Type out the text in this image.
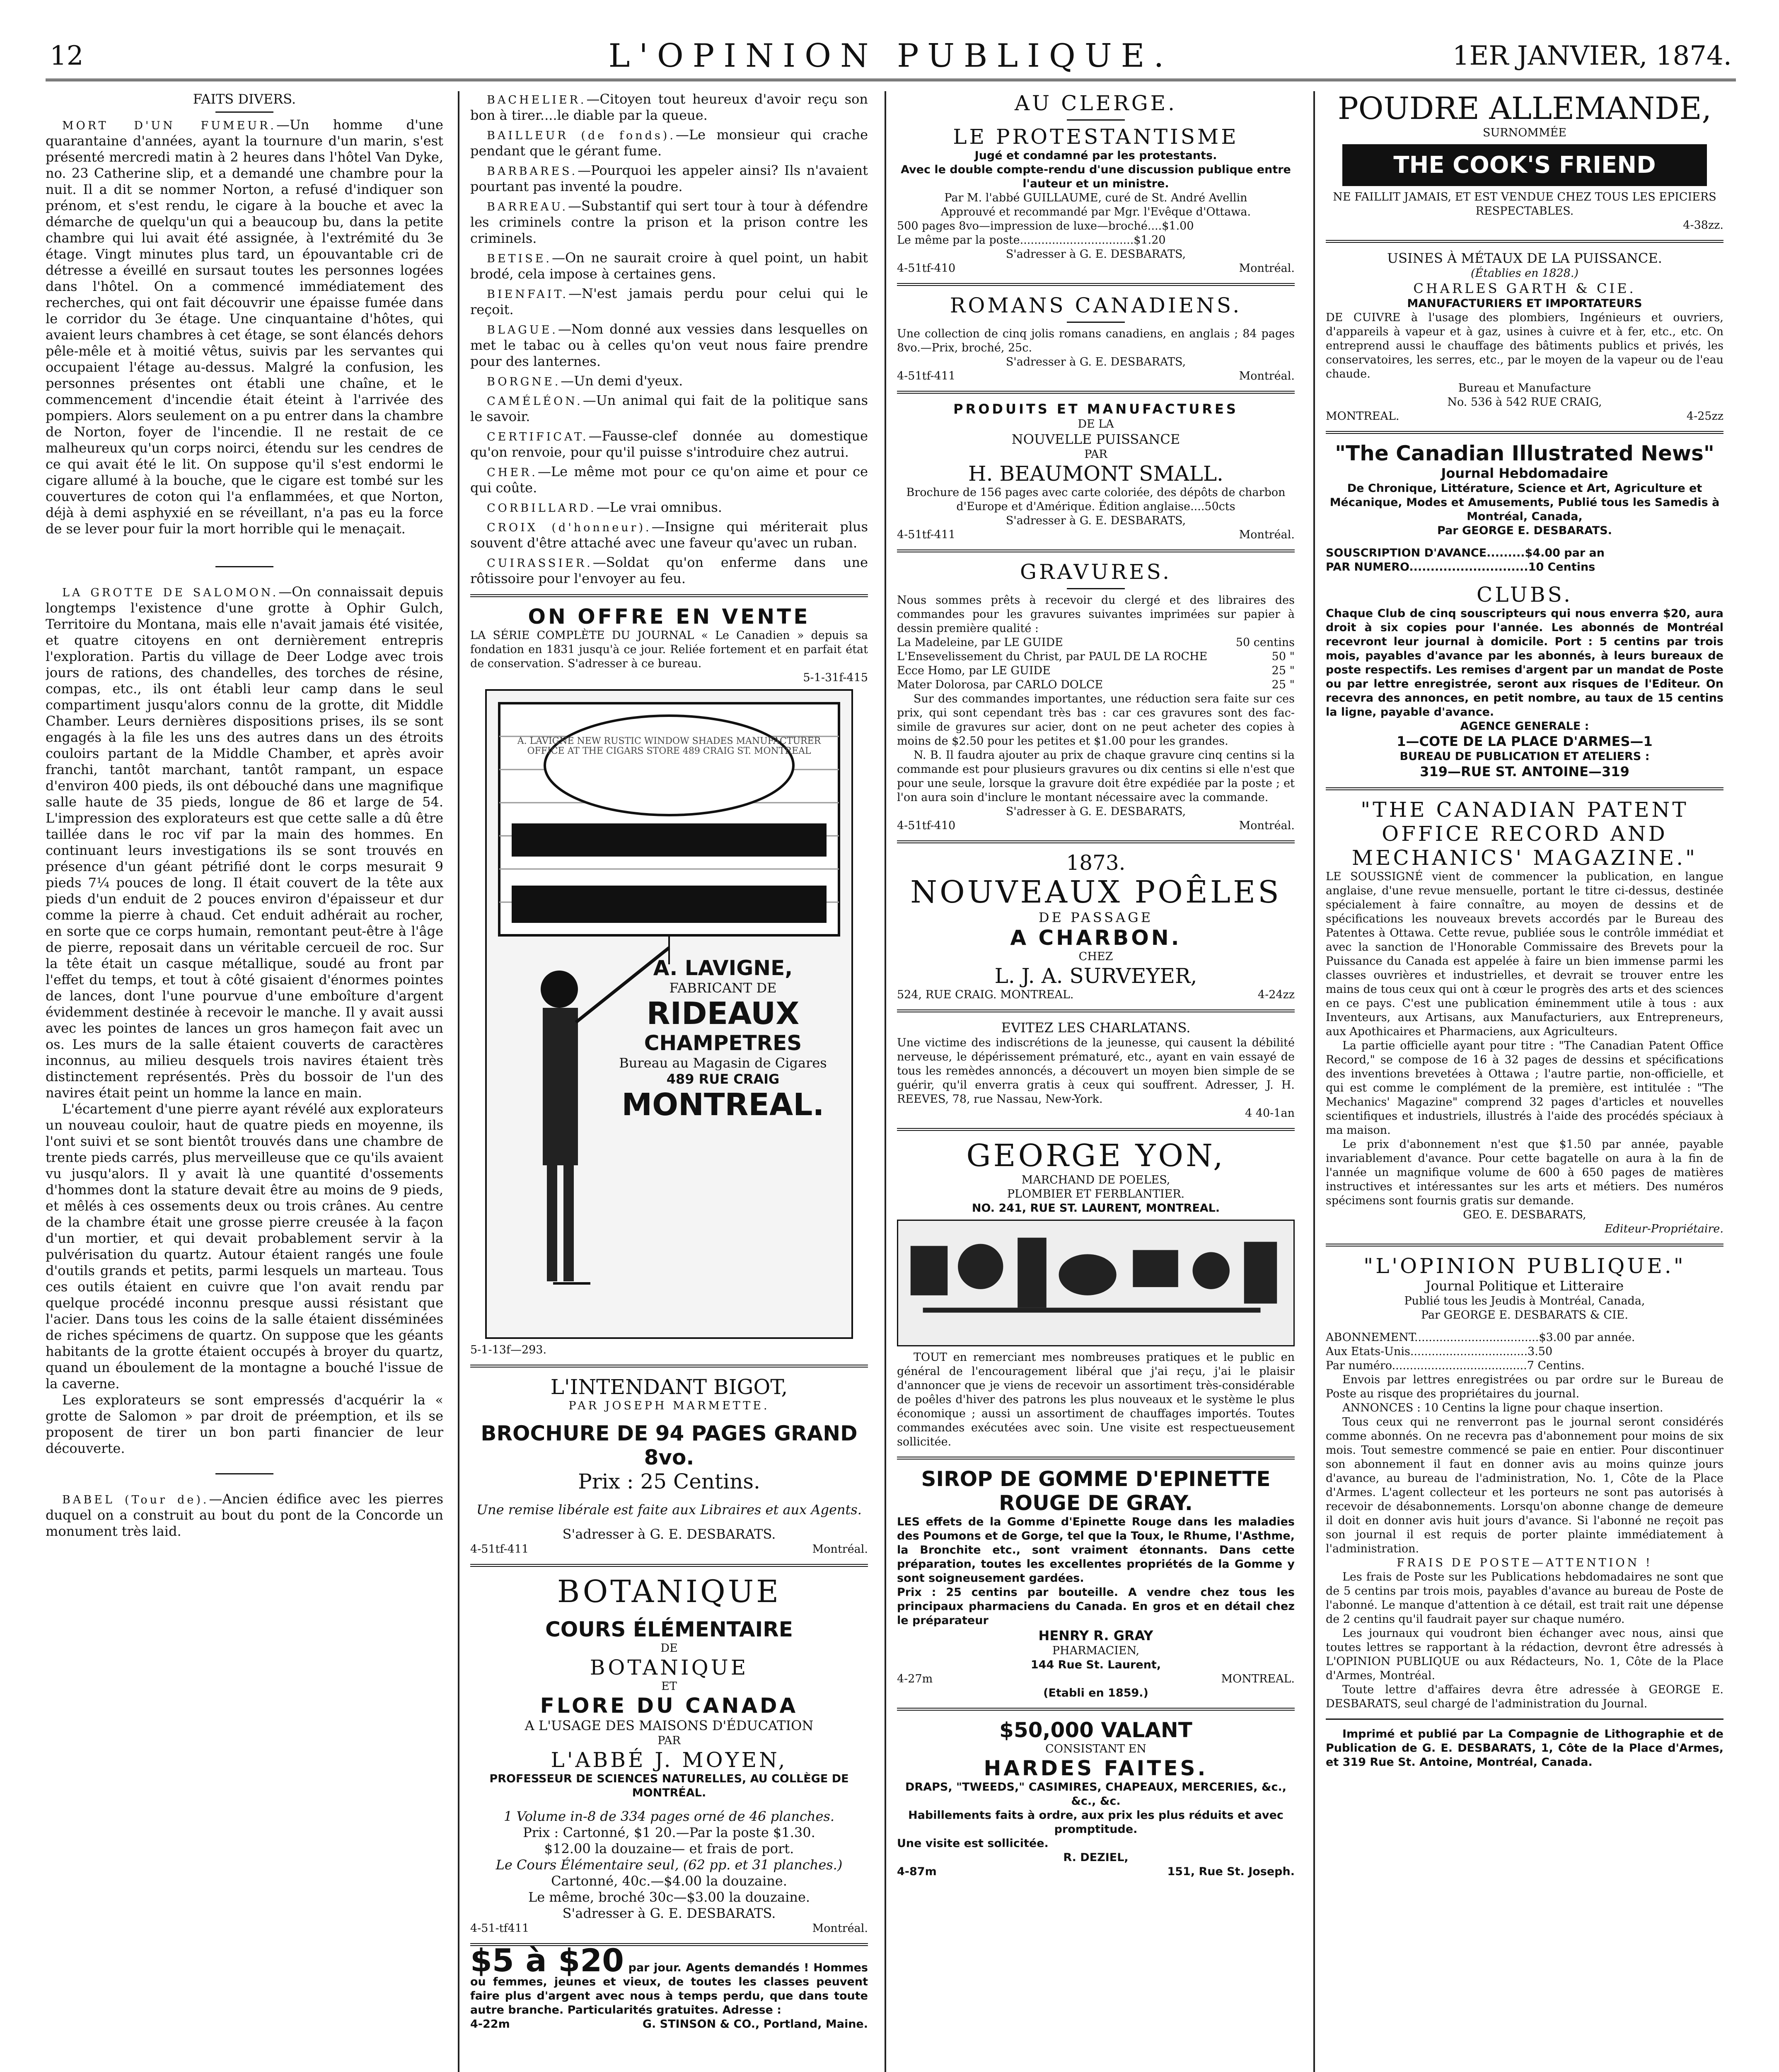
12	L'OPINION PUBLIQUE.	1ER JANVIER, 1874.
FAITS DIVERS.

MORT D'UN FUMEUR.—Un homme d'une quarantaine d'années, ayant la tournure d'un marin, s'est présenté mercredi matin à 2 heures dans l'hôtel Van Dyke, no. 23 Catherine slip, et a demandé une chambre pour la nuit. Il a dit se nommer Norton, a refusé d'indiquer son prénom, et s'est rendu, le cigare à la bouche et avec la démarche de quelqu'un qui a beaucoup bu, dans la petite chambre qui lui avait été assignée, à l'extrémité du 3e étage. Vingt minutes plus tard, un épouvantable cri de détresse a éveillé en sursaut toutes les personnes logées dans l'hôtel. On a commencé immédiatement des recherches, qui ont fait découvrir une épaisse fumée dans le corridor du 3e étage. Une cinquantaine d'hôtes, qui avaient leurs chambres à cet étage, se sont élancés dehors pêle-mêle et à moitié vêtus, suivis par les servantes qui occupaient l'étage au-dessus. Malgré la confusion, les personnes présentes ont établi une chaîne, et le commencement d'incendie était éteint à l'arrivée des pompiers. Alors seulement on a pu entrer dans la chambre de Norton, foyer de l'incendie. Il ne restait de ce malheureux qu'un corps noirci, étendu sur les cendres de ce qui avait été le lit. On suppose qu'il s'est endormi le cigare allumé à la bouche, que le cigare est tombé sur les couvertures de coton qui l'a enflammées, et que Norton, déjà à demi asphyxié en se réveillant, n'a pas eu la force de se lever pour fuir la mort horrible qui le menaçait.

LA GROTTE DE SALOMON.—On connaissait depuis longtemps l'existence d'une grotte à Ophir Gulch, Territoire du Montana, mais elle n'avait jamais été visitée, et quatre citoyens en ont dernièrement entrepris l'exploration. Partis du village de Deer Lodge avec trois jours de rations, des chandelles, des torches de résine, compas, etc., ils ont établi leur camp dans le seul compartiment jusqu'alors connu de la grotte, dit Middle Chamber. Leurs dernières dispositions prises, ils se sont engagés à la file les uns des autres dans un des étroits couloirs partant de la Middle Chamber, et après avoir franchi, tantôt marchant, tantôt rampant, un espace d'environ 400 pieds, ils ont débouché dans une magnifique salle haute de 35 pieds, longue de 86 et large de 54. L'impression des explorateurs est que cette salle a dû être taillée dans le roc vif par la main des hommes. En continuant leurs investigations ils se sont trouvés en présence d'un géant pétrifié dont le corps mesurait 9 pieds 7¼ pouces de long. Il était couvert de la tête aux pieds d'un enduit de 2 pouces environ d'épaisseur et dur comme la pierre à chaud. Cet enduit adhérait au rocher, en sorte que ce corps humain, remontant peut-être à l'âge de pierre, reposait dans un véritable cercueil de roc. Sur la tête était un casque métallique, soudé au front par l'effet du temps, et tout à côté gisaient d'énormes pointes de lances, dont l'une pourvue d'une emboîture d'argent évidemment destinée à recevoir le manche. Il y avait aussi avec les pointes de lances un gros hameçon fait avec un os. Les murs de la salle étaient couverts de caractères inconnus, au milieu desquels trois navires étaient très distinctement représentés. Près du bossoir de l'un des navires était peint un homme la lance en main.

L'écartement d'une pierre ayant révélé aux explorateurs un nouveau couloir, haut de quatre pieds en moyenne, ils l'ont suivi et se sont bientôt trouvés dans une chambre de trente pieds carrés, plus merveilleuse que ce qu'ils avaient vu jusqu'alors. Il y avait là une quantité d'ossements d'hommes dont la stature devait être au moins de 9 pieds, et mêlés à ces ossements deux ou trois crânes. Au centre de la chambre était une grosse pierre creusée à la façon d'un mortier, et qui devait probablement servir à la pulvérisation du quartz. Autour étaient rangés une foule d'outils grands et petits, parmi lesquels un marteau. Tous ces outils étaient en cuivre que l'on avait rendu par quelque procédé inconnu presque aussi résistant que l'acier. Dans tous les coins de la salle étaient disséminées de riches spécimens de quartz. On suppose que les géants habitants de la grotte étaient occupés à broyer du quartz, quand un éboulement de la montagne a bouché l'issue de la caverne.

Les explorateurs se sont empressés d'acquérir la « grotte de Salomon » par droit de préemption, et ils se proposent de tirer un bon parti financier de leur découverte.

BABEL (Tour de).—Ancien édifice avec les pierres duquel on a construit au bout du pont de la Concorde un monument très laid.

BACHELIER.—Citoyen tout heureux d'avoir reçu son bon à tirer....le diable par la queue.

BAILLEUR (de fonds).—Le monsieur qui crache pendant que le gérant fume.

BARBARES.—Pourquoi les appeler ainsi? Ils n'avaient pourtant pas inventé la poudre.

BARREAU.—Substantif qui sert tour à tour à défendre les criminels contre la prison et la prison contre les criminels.

BETISE.—On ne saurait croire à quel point, un habit brodé, cela impose à certaines gens.

BIENFAIT.—N'est jamais perdu pour celui qui le reçoit.

BLAGUE.—Nom donné aux vessies dans lesquelles on met le tabac ou à celles qu'on veut nous faire prendre pour des lanternes.

BORGNE.—Un demi d'yeux.

CAMÉLÉON.—Un animal qui fait de la politique sans le savoir.

CERTIFICAT.—Fausse-clef donnée au domestique qu'on renvoie, pour qu'il puisse s'introduire chez autrui.

CHER.—Le même mot pour ce qu'on aime et pour ce qui coûte.

CORBILLARD.—Le vrai omnibus.

CROIX (d'honneur).—Insigne qui mériterait plus souvent d'être attaché avec une faveur qu'avec un ruban.

CUIRASSIER.—Soldat qu'on enferme dans une rôtissoire pour l'envoyer au feu.

ON OFFRE EN VENTE

LA SÉRIE COMPLÈTE DU JOURNAL « Le Canadien » depuis sa fondation en 1831 jusqu'à ce jour. Reliée fortement et en parfait état de conservation. S'adresser à ce bureau.

5-1-31f-415
A. LAVIGNE,
FABRICANT DE
RIDEAUX
CHAMPETRES
Bureau au Magasin de Cigares
489 RUE CRAIG
MONTREAL.
A. LAVIGNE NEW RUSTIC WINDOW SHADES MANUFACTURER OFFICE AT THE CIGARS STORE 489 CRAIG ST. MONTREAL
5-1-13f—293.
L'INTENDANT BIGOT,
PAR JOSEPH MARMETTE.
BROCHURE DE 94 PAGES GRAND 8vo.
Prix : 25 Centins.
Une remise libérale est faite aux Libraires et aux Agents.
S'adresser à G. E. DESBARATS.
4-51tf-411	Montréal.
BOTANIQUE
COURS ÉLÉMENTAIRE
DE
BOTANIQUE
ET
FLORE DU CANADA
A L'USAGE DES MAISONS D'ÉDUCATION
PAR
L'ABBÉ J. MOYEN,
PROFESSEUR DE SCIENCES NATURELLES, AU COLLÈGE DE MONTRÉAL.
1 Volume in-8 de 334 pages orné de 46 planches.
Prix : Cartonné, $1 20.—Par la poste $1.30.
$12.00 la douzaine— et frais de port.
Le Cours Élémentaire seul, (62 pp. et 31 planches.)
Cartonné, 40c.—$4.00 la douzaine.
Le même, broché 30c—$3.00 la douzaine.
S'adresser à G. E. DESBARATS.
4-51-tf411	Montréal.

$5 à $20 par jour. Agents demandés ! Hommes ou femmes, jeunes et vieux, de toutes les classes peuvent faire plus d'argent avec nous à temps perdu, que dans toute autre branche. Particularités gratuites. Adresse :

4-22m	G. STINSON & CO., Portland, Maine.
AU CLERGE.
LE PROTESTANTISME
Jugé et condamné par les protestants.
Avec le double compte-rendu d'une discussion publique entre l'auteur et un ministre.
Par M. l'abbé GUILLAUME, curé de St. André Avellin
Approuvé et recommandé par Mgr. l'Evêque d'Ottawa.
500 pages 8vo—impression de luxe—broché....$1.00
Le même par la poste................................$1.20
S'adresser à G. E. DESBARATS,
4-51tf-410	Montréal.
ROMANS CANADIENS.

Une collection de cinq jolis romans canadiens, en anglais ; 84 pages 8vo.—Prix, broché, 25c.

S'adresser à G. E. DESBARATS,
4-51tf-411	Montréal.
PRODUITS ET MANUFACTURES
DE LA
NOUVELLE PUISSANCE
PAR
H. BEAUMONT SMALL.

Brochure de 156 pages avec carte coloriée, des dépôts de charbon d'Europe et d'Amérique. Édition anglaise....50cts

S'adresser à G. E. DESBARATS,
4-51tf-411	Montréal.
GRAVURES.

Nous sommes prêts à recevoir du clergé et des libraires des commandes pour les gravures suivantes imprimées sur papier à dessin première qualité :

La Madeleine, par LE GUIDE	50 centins
L'Ensevelissement du Christ, par PAUL DE LA ROCHE	50 "
Ecce Homo, par LE GUIDE	25 "
Mater Dolorosa, par CARLO DOLCE	25 "

Sur des commandes importantes, une réduction sera faite sur ces prix, qui sont cependant très bas : car ces gravures sont des fac-simile de gravures sur acier, dont on ne peut acheter des copies à moins de $2.50 pour les petites et $1.00 pour les grandes.

N. B. Il faudra ajouter au prix de chaque gravure cinq centins si la commande est pour plusieurs gravures ou dix centins si elle n'est que pour une seule, lorsque la gravure doit être expédiée par la poste ; et l'on aura soin d'inclure le montant nécessaire avec la commande.

S'adresser à G. E. DESBARATS,
4-51tf-410	Montréal.
1873.
NOUVEAUX POÊLES
DE PASSAGE
A CHARBON.
CHEZ
L. J. A. SURVEYER,
524, RUE CRAIG. MONTREAL.	4-24zz
EVITEZ LES CHARLATANS.

Une victime des indiscrétions de la jeunesse, qui causent la débilité nerveuse, le dépérissement prématuré, etc., ayant en vain essayé de tous les remèdes annoncés, a découvert un moyen bien simple de se guérir, qu'il enverra gratis à ceux qui souffrent. Adresser, J. H. REEVES, 78, rue Nassau, New-York.

4 40-1an
GEORGE YON,
MARCHAND DE POELES,
PLOMBIER ET FERBLANTIER.
NO. 241, RUE ST. LAURENT, MONTREAL.

TOUT en remerciant mes nombreuses pratiques et le public en général de l'encouragement libéral que j'ai reçu, j'ai le plaisir d'annoncer que je viens de recevoir un assortiment très-considérable de poêles d'hiver des patrons les plus nouveaux et le système le plus économique ; aussi un assortiment de chauffages importés. Toutes commandes exécutées avec soin. Une visite est respectueusement sollicitée.

SIROP DE GOMME D'EPINETTE ROUGE DE GRAY.

LES effets de la Gomme d'Epinette Rouge dans les maladies des Poumons et de Gorge, tel que la Toux, le Rhume, l'Asthme, la Bronchite etc., sont vraiment étonnants. Dans cette préparation, toutes les excellentes propriétés de la Gomme y sont soigneusement gardées.

Prix : 25 centins par bouteille. A vendre chez tous les principaux pharmaciens du Canada. En gros et en détail chez le préparateur

HENRY R. GRAY
PHARMACIEN,
144 Rue St. Laurent,
4-27m	MONTREAL.
(Etabli en 1859.)
$50,000 VALANT
CONSISTANT EN
HARDES FAITES.
DRAPS, "TWEEDS," CASIMIRES, CHAPEAUX, MERCERIES, &c., &c., &c.

Habillements faits à ordre, aux prix les plus réduits et avec promptitude.

Une visite est sollicitée.
R. DEZIEL,
4-87m	151, Rue St. Joseph.
POUDRE ALLEMANDE,
SURNOMMÉE
THE COOK'S FRIEND
NE FAILLIT JAMAIS, ET EST VENDUE CHEZ TOUS LES EPICIERS RESPECTABLES.
4-38zz.
USINES À MÉTAUX DE LA PUISSANCE.
(Établies en 1828.)
CHARLES GARTH & CIE.
MANUFACTURIERS ET IMPORTATEURS

DE CUIVRE à l'usage des plombiers, Ingénieurs et ouvriers, d'appareils à vapeur et à gaz, usines à cuivre et à fer, etc., etc. On entreprend aussi le chauffage des bâtiments publics et privés, les conservatoires, les serres, etc., par le moyen de la vapeur ou de l'eau chaude.

Bureau et Manufacture
No. 536 à 542 RUE CRAIG,
MONTREAL.	4-25zz
"The Canadian Illustrated News"
Journal Hebdomadaire
De Chronique, Littérature, Science et Art, Agriculture et Mécanique, Modes et Amusements, Publié tous les Samedis à Montréal, Canada,
Par GEORGE E. DESBARATS.
SOUSCRIPTION D'AVANCE.........$4.00 par an
PAR NUMERO............................10 Centins
CLUBS.

Chaque Club de cinq souscripteurs qui nous enverra $20, aura droit à six copies pour l'année. Les abonnés de Montréal recevront leur journal à domicile. Port : 5 centins par trois mois, payables d'avance par les abonnés, à leurs bureaux de poste respectifs. Les remises d'argent par un mandat de Poste ou par lettre enregistrée, seront aux risques de l'Editeur. On recevra des annonces, en petit nombre, au taux de 15 centins la ligne, payable d'avance.

AGENCE GENERALE :
1—COTE DE LA PLACE D'ARMES—1
BUREAU DE PUBLICATION ET ATELIERS :
319—RUE ST. ANTOINE—319
"THE CANADIAN PATENT OFFICE RECORD AND MECHANICS' MAGAZINE."

LE SOUSSIGNÉ vient de commencer la publication, en langue anglaise, d'une revue mensuelle, portant le titre ci-dessus, destinée spécialement à faire connaître, au moyen de dessins et de spécifications les nouveaux brevets accordés par le Bureau des Patentes à Ottawa. Cette revue, publiée sous le contrôle immédiat et avec la sanction de l'Honorable Commissaire des Brevets pour la Puissance du Canada est appelée à faire un bien immense parmi les classes ouvrières et industrielles, et devrait se trouver entre les mains de tous ceux qui ont à cœur le progrès des arts et des sciences en ce pays. C'est une publication éminemment utile à tous : aux Inventeurs, aux Artisans, aux Manufacturiers, aux Entrepreneurs, aux Apothicaires et Pharmaciens, aux Agriculteurs.

La partie officielle ayant pour titre : "The Canadian Patent Office Record," se compose de 16 à 32 pages de dessins et spécifications des inventions brevetées à Ottawa ; l'autre partie, non-officielle, et qui est comme le complément de la première, est intitulée : "The Mechanics' Magazine" comprend 32 pages d'articles et nouvelles scientifiques et industriels, illustrés à l'aide des procédés spéciaux à ma maison.

Le prix d'abonnement n'est que $1.50 par année, payable invariablement d'avance. Pour cette bagatelle on aura à la fin de l'année un magnifique volume de 600 à 650 pages de matières instructives et intéressantes sur les arts et métiers. Des numéros spécimens sont fournis gratis sur demande.

GEO. E. DESBARATS,
Editeur-Propriétaire.
"L'OPINION PUBLIQUE."
Journal Politique et Litteraire
Publié tous les Jeudis à Montréal, Canada,
Par GEORGE E. DESBARATS & CIE.
ABONNEMENT...................................$3.00 par année.
Aux Etats-Unis.................................3.50
Par numéro......................................7 Centins.

Envois par lettres enregistrées ou par ordre sur le Bureau de Poste au risque des propriétaires du journal.

ANNONCES : 10 Centins la ligne pour chaque insertion.

Tous ceux qui ne renverront pas le journal seront considérés comme abonnés. On ne recevra pas d'abonnement pour moins de six mois. Tout semestre commencé se paie en entier. Pour discontinuer son abonnement il faut en donner avis au moins quinze jours d'avance, au bureau de l'administration, No. 1, Côte de la Place d'Armes. L'agent collecteur et les porteurs ne sont pas autorisés à recevoir de désabonnements. Lorsqu'on abonne change de demeure il doit en donner avis huit jours d'avance. Si l'abonné ne reçoit pas son journal il est requis de porter plainte immédiatement à l'administration.

FRAIS DE POSTE—ATTENTION !

Les frais de Poste sur les Publications hebdomadaires ne sont que de 5 centins par trois mois, payables d'avance au bureau de Poste de l'abonné. Le manque d'attention à ce détail, est trait rait une dépense de 2 centins qu'il faudrait payer sur chaque numéro.

Les journaux qui voudront bien échanger avec nous, ainsi que toutes lettres se rapportant à la rédaction, devront être adressés à L'OPINION PUBLIQUE ou aux Rédacteurs, No. 1, Côte de la Place d'Armes, Montréal.

Toute lettre d'affaires devra être adressée à GEORGE E. DESBARATS, seul chargé de l'administration du Journal.

Imprimé et publié par La Compagnie de Lithographie et de Publication de G. E. DESBARATS, 1, Côte de la Place d'Armes, et 319 Rue St. Antoine, Montréal, Canada.
